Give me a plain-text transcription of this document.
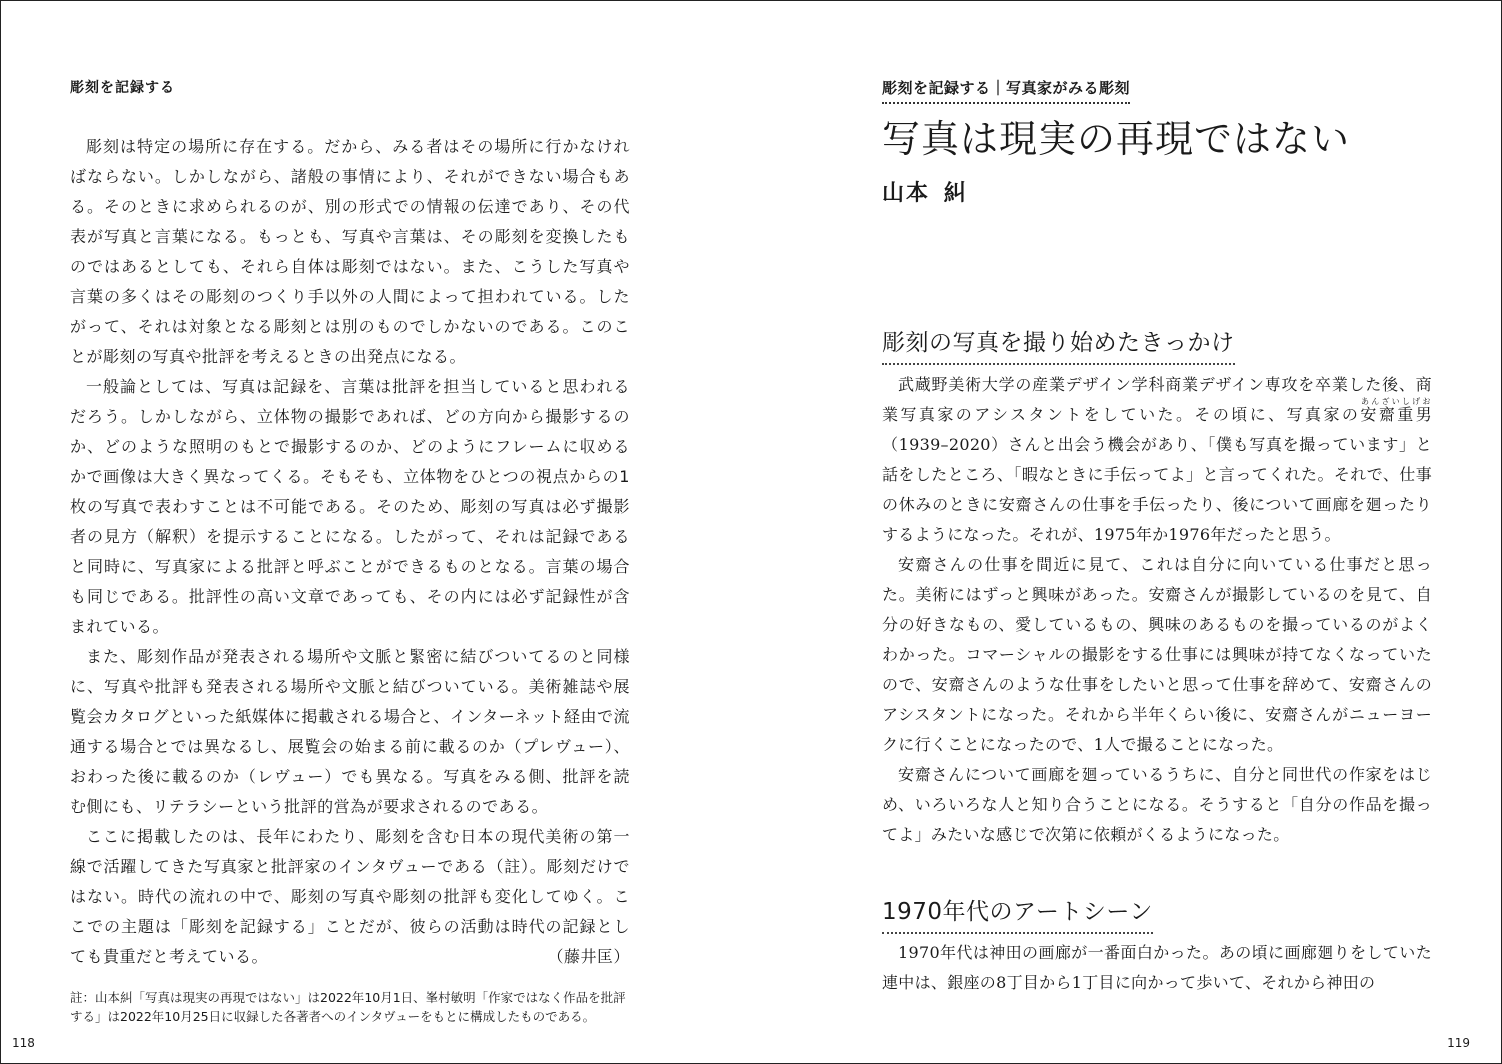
彫刻を記録する

彫刻は特定の場所に存在する。だから、みる者はその場所に行かなければならない。しかしながら、諸般の事情により、それができない場合もある。そのときに求められるのが、別の形式での情報の伝達であり、その代表が写真と言葉になる。もっとも、写真や言葉は、その彫刻を変換したものではあるとしても、それら自体は彫刻ではない。また、こうした写真や言葉の多くはその彫刻のつくり手以外の人間によって担われている。したがって、それは対象となる彫刻とは別のものでしかないのである。このことが彫刻の写真や批評を考えるときの出発点になる。

一般論としては、写真は記録を、言葉は批評を担当していると思われるだろう。しかしながら、立体物の撮影であれば、どの方向から撮影するのか、どのような照明のもとで撮影するのか、どのようにフレームに収めるかで画像は大きく異なってくる。そもそも、立体物をひとつの視点からの1枚の写真で表わすことは不可能である。そのため、彫刻の写真は必ず撮影者の見方（解釈）を提示することになる。したがって、それは記録であると同時に、写真家による批評と呼ぶことができるものとなる。言葉の場合も同じである。批評性の高い文章であっても、その内には必ず記録性が含まれている。

また、彫刻作品が発表される場所や文脈と緊密に結びついてるのと同様に、写真や批評も発表される場所や文脈と結びついている。美術雑誌や展覧会カタログといった紙媒体に掲載される場合と、インターネット経由で流通する場合とでは異なるし、展覧会の始まる前に載るのか（プレヴュー）、おわった後に載るのか（レヴュー）でも異なる。写真をみる側、批評を読む側にも、リテラシーという批評的営為が要求されるのである。

ここに掲載したのは、長年にわたり、彫刻を含む日本の現代美術の第一線で活躍してきた写真家と批評家のインタヴューである（註）。彫刻だけではない。時代の流れの中で、彫刻の写真や彫刻の批評も変化してゆく。ここでの主題は「彫刻を記録する」ことだが、彼らの活動は時代の記録としても貴重だと考えている。	（藤井匡）
註：山本糾「写真は現実の再現ではない」は2022年10月1日、峯村敏明「作家ではなく作品を批評する」は2022年10月25日に収録した各著者へのインタヴューをもとに構成したものである。
118
彫刻を記録する｜写真家がみる彫刻
写真は現実の再現ではない
山本 糾
彫刻の写真を撮り始めたきっかけ

武蔵野美術大学の産業デザイン学科商業デザイン専攻を卒業した後、商業写真家のアシスタントをしていた。その頃に、写真家の安齋重男あんざいしげお（1939–2020）さんと出会う機会があり、「僕も写真を撮っています」と話をしたところ、「暇なときに手伝ってよ」と言ってくれた。それで、仕事の休みのときに安齋さんの仕事を手伝ったり、後について画廊を廻ったりするようになった。それが、1975年か1976年だったと思う。

安齋さんの仕事を間近に見て、これは自分に向いている仕事だと思った。美術にはずっと興味があった。安齋さんが撮影しているのを見て、自分の好きなもの、愛しているもの、興味のあるものを撮っているのがよくわかった。コマーシャルの撮影をする仕事には興味が持てなくなっていたので、安齋さんのような仕事をしたいと思って仕事を辞めて、安齋さんのアシスタントになった。それから半年くらい後に、安齋さんがニューヨークに行くことになったので、1人で撮ることになった。

安齋さんについて画廊を廻っているうちに、自分と同世代の作家をはじめ、いろいろな人と知り合うことになる。そうすると「自分の作品を撮ってよ」みたいな感じで次第に依頼がくるようになった。

1970年代のアートシーン

1970年代は神田の画廊が一番面白かった。あの頃に画廊廻りをしていた連中は、銀座の8丁目から1丁目に向かって歩いて、それから神田の

119
